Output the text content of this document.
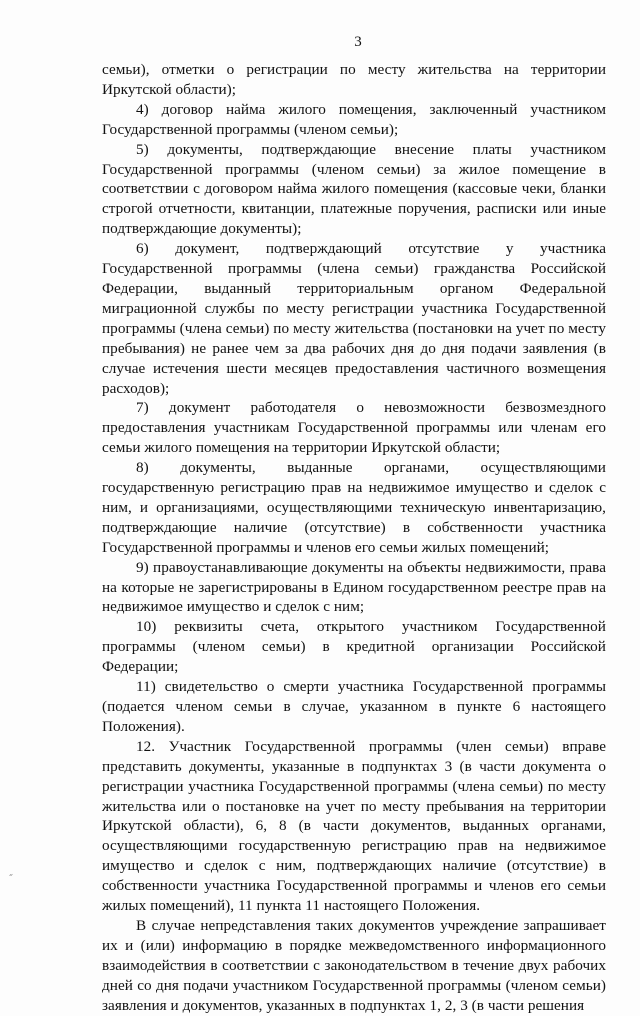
3

семьи), отметки о регистрации по месту жительства на территории Иркутской области);

4) договор найма жилого помещения, заключенный участником Государственной программы (членом семьи);

5) документы, подтверждающие внесение платы участником Государственной программы (членом семьи) за жилое помещение в соответствии с договором найма жилого помещения (кассовые чеки, бланки строгой отчетности, квитанции, платежные поручения, расписки или иные подтверждающие документы);

6) документ, подтверждающий отсутствие у участника Государственной программы (члена семьи) гражданства Российской Федерации, выданный территориальным органом Федеральной миграционной службы по месту регистрации участника Государственной программы (члена семьи) по месту жительства (постановки на учет по месту пребывания) не ранее чем за два рабочих дня до дня подачи заявления (в случае истечения шести месяцев предоставления частичного возмещения расходов);

7) документ работодателя о невозможности безвозмездного предоставления участникам Государственной программы или членам его семьи жилого помещения на территории Иркутской области;

8) документы, выданные органами, осуществляющими государственную регистрацию прав на недвижимое имущество и сделок с ним, и организациями, осуществляющими техническую инвентаризацию, подтверждающие наличие (отсутствие) в собственности участника Государственной программы и членов его семьи жилых помещений;

9) правоустанавливающие документы на объекты недвижимости, права на которые не зарегистрированы в Едином государственном реестре прав на недвижимое имущество и сделок с ним;

10) реквизиты счета, открытого участником Государственной программы (членом семьи) в кредитной организации Российской Федерации;

11) свидетельство о смерти участника Государственной программы (подается членом семьи в случае, указанном в пункте 6 настоящего Положения).

12. Участник Государственной программы (член семьи) вправе представить документы, указанные в подпунктах 3 (в части документа о регистрации участника Государственной программы (члена семьи) по месту жительства или о постановке на учет по месту пребывания на территории Иркутской области), 6, 8 (в части документов, выданных органами, осуществляющими государственную регистрацию прав на недвижимое имущество и сделок с ним, подтверждающих наличие (отсутствие) в собственности участника Государственной программы и членов его семьи жилых помещений), 11 пункта 11 настоящего Положения.

В случае непредставления таких документов учреждение запрашивает их и (или) информацию в порядке межведомственного информационного взаимодействия в соответствии с законодательством в течение двух рабочих дней со дня подачи участником Государственной программы (членом семьи) заявления и документов, указанных в подпунктах 1, 2, 3 (в части решения

˷
